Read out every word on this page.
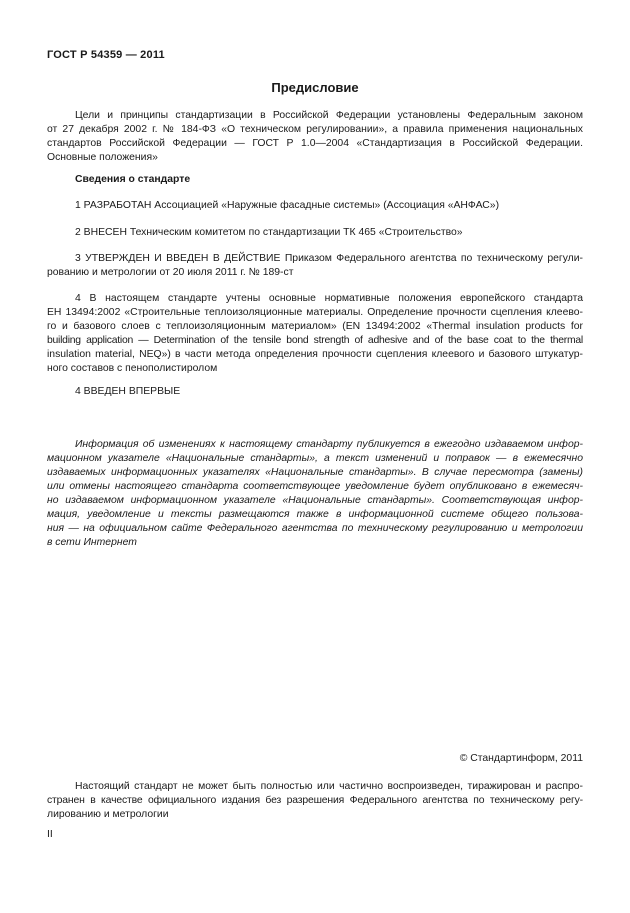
ГОСТ Р 54359 — 2011
Предисловие
Цели и принципы стандартизации в Российской Федерации установлены Федеральным законом
от 27 декабря 2002 г. № 184-ФЗ «О техническом регулировании», а правила применения национальных
стандартов Российской Федерации — ГОСТ Р 1.0—2004 «Стандартизация в Российской Федерации.
Основные положения»
Сведения о стандарте
1 РАЗРАБОТАН Ассоциацией «Наружные фасадные системы» (Ассоциация «АНФАС»)
2 ВНЕСЕН Техническим комитетом по стандартизации ТК 465 «Строительство»
3 УТВЕРЖДЕН И ВВЕДЕН В ДЕЙСТВИЕ Приказом Федерального агентства по техническому регули-
рованию и метрологии от 20 июля 2011 г. № 189-ст
4 В настоящем стандарте учтены основные нормативные положения европейского стандарта
ЕН 13494:2002 «Строительные теплоизоляционные материалы. Определение прочности сцепления клеево-
го и базового слоев с теплоизоляционным материалом» (EN 13494:2002 «Thermal insulation products for
building application — Determination of the tensile bond strength of adhesive and of the base coat to the thermal
insulation material, NEQ») в части метода определения прочности сцепления клеевого и базового штукатур-
ного составов с пенополистиролом
4 ВВЕДЕН ВПЕРВЫЕ
Информация об изменениях к настоящему стандарту публикуется в ежегодно издаваемом инфор-
мационном указателе «Национальные стандарты», а текст изменений и поправок — в ежемесячно
издаваемых информационных указателях «Национальные стандарты». В случае пересмотра (замены)
или отмены настоящего стандарта соответствующее уведомление будет опубликовано в ежемесяч-
но издаваемом информационном указателе «Национальные стандарты». Соответствующая инфор-
мация, уведомление и тексты размещаются также в информационной системе общего пользова-
ния — на официальном сайте Федерального агентства по техническому регулированию и метрологии
в сети Интернет
© Стандартинформ, 2011
Настоящий стандарт не может быть полностью или частично воспроизведен, тиражирован и распро-
странен в качестве официального издания без разрешения Федерального агентства по техническому регу-
лированию и метрологии
II
